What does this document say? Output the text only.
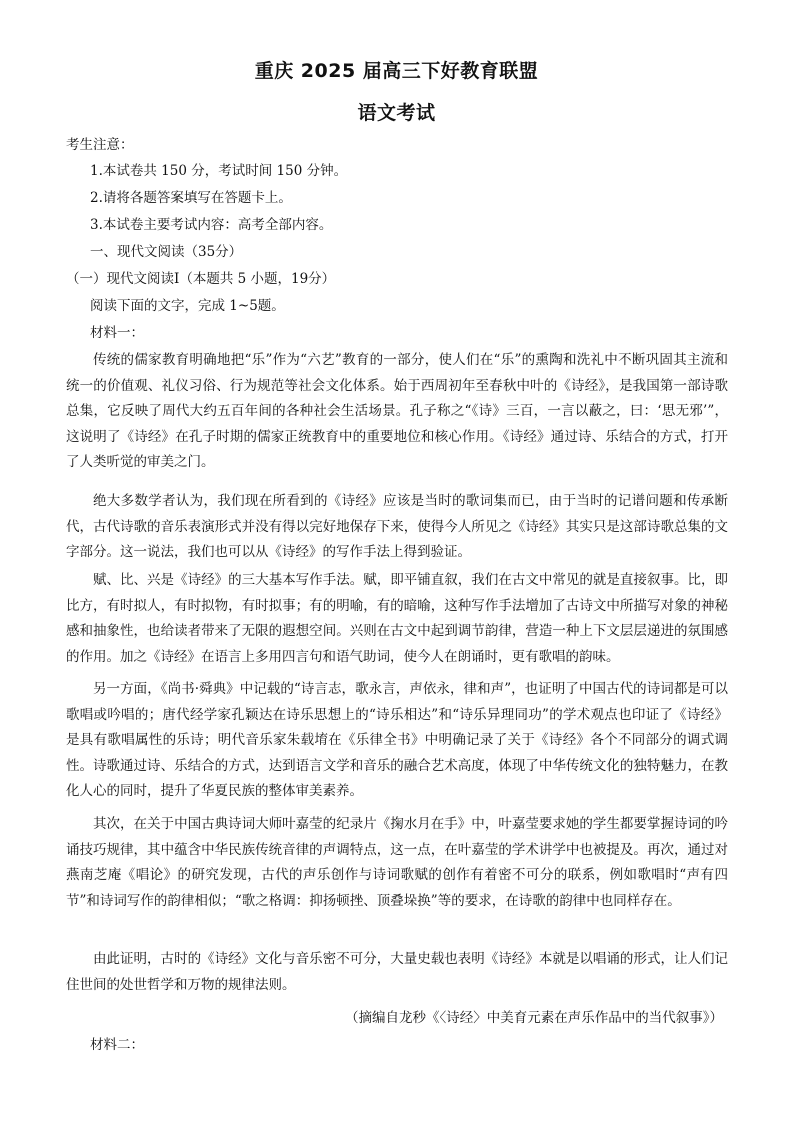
重庆 2025 届高三下好教育联盟
语文考试
考生注意：
1.本试卷共 150 分，考试时间 150 分钟。
2.请将各题答案填写在答题卡上。
3.本试卷主要考试内容：高考全部内容。
一、现代文阅读（35分）
（一）现代文阅读Ⅰ（本题共 5 小题，19分）
阅读下面的文字，完成 1~5题。
材料一：
传统的儒家教育明确地把“乐”作为“六艺”教育的一部分，使人们在“乐”的熏陶和洗礼中不断巩固其主流和统一的价值观、礼仪习俗、行为规范等社会文化体系。始于西周初年至春秋中叶的《诗经》，是我国第一部诗歌总集，它反映了周代大约五百年间的各种社会生活场景。孔子称之“《诗》三百，一言以蔽之，曰：‘思无邪’”，这说明了《诗经》在孔子时期的儒家正统教育中的重要地位和核心作用。《诗经》通过诗、乐结合的方式，打开了人类听觉的审美之门。
绝大多数学者认为，我们现在所看到的《诗经》应该是当时的歌词集而已，由于当时的记谱问题和传承断代，古代诗歌的音乐表演形式并没有得以完好地保存下来，使得今人所见之《诗经》其实只是这部诗歌总集的文字部分。这一说法，我们也可以从《诗经》的写作手法上得到验证。
赋、比、兴是《诗经》的三大基本写作手法。赋，即平铺直叙，我们在古文中常见的就是直接叙事。比，即比方，有时拟人，有时拟物，有时拟事；有的明喻，有的暗喻，这种写作手法增加了古诗文中所描写对象的神秘感和抽象性，也给读者带来了无限的遐想空间。兴则在古文中起到调节韵律，营造一种上下文层层递进的氛围感的作用。加之《诗经》在语言上多用四言句和语气助词，使今人在朗诵时，更有歌唱的韵味。
另一方面，《尚书·舜典》中记载的“诗言志，歌永言，声依永，律和声”，也证明了中国古代的诗词都是可以歌唱或吟唱的；唐代经学家孔颖达在诗乐思想上的“诗乐相达”和“诗乐异理同功”的学术观点也印证了《诗经》是具有歌唱属性的乐诗；明代音乐家朱载堉在《乐律全书》中明确记录了关于《诗经》各个不同部分的调式调性。诗歌通过诗、乐结合的方式，达到语言文学和音乐的融合艺术高度，体现了中华传统文化的独特魅力，在教化人心的同时，提升了华夏民族的整体审美素养。
其次，在关于中国古典诗词大师叶嘉莹的纪录片《掬水月在手》中，叶嘉莹要求她的学生都要掌握诗词的吟诵技巧规律，其中蕴含中华民族传统音律的声调特点，这一点，在叶嘉莹的学术讲学中也被提及。再次，通过对燕南芝庵《唱论》的研究发现，古代的声乐创作与诗词歌赋的创作有着密不可分的联系，例如歌唱时“声有四节”和诗词写作的韵律相似；“歌之格调：抑扬顿挫、顶叠垛换”等的要求，在诗歌的韵律中也同样存在。
由此证明，古时的《诗经》文化与音乐密不可分，大量史载也表明《诗经》本就是以唱诵的形式，让人们记住世间的处世哲学和万物的规律法则。
（摘编自龙秒《〈诗经〉中美育元素在声乐作品中的当代叙事》）
材料二：
